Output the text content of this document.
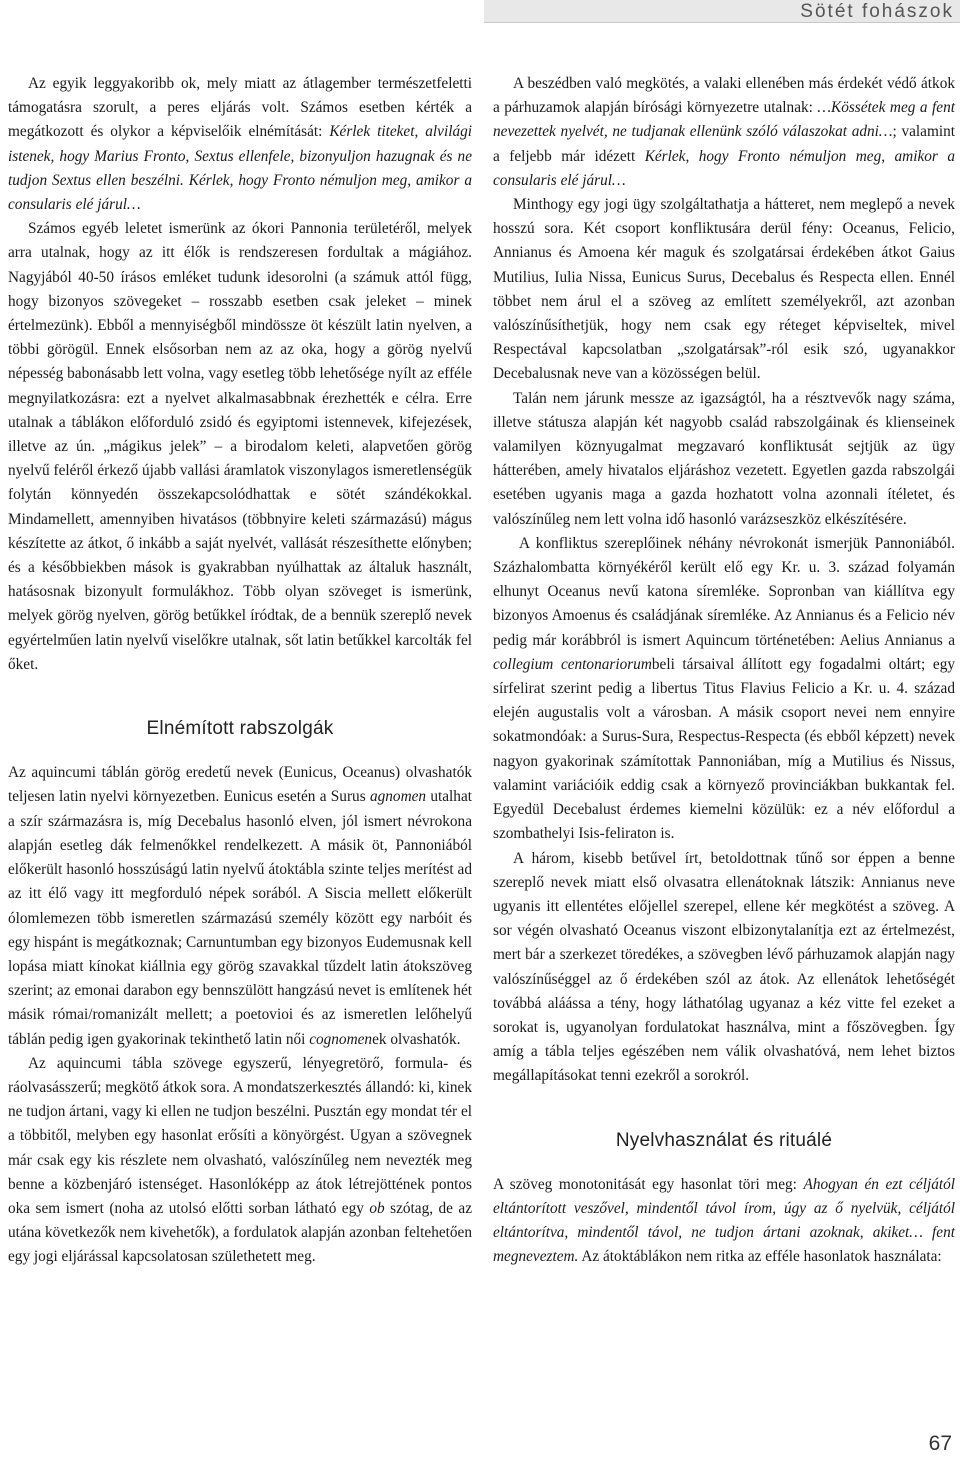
Sötét fohászok

Az egyik leggyakoribb ok, mely miatt az átlagember természetfeletti támogatásra szorult, a peres eljárás volt. Számos esetben kérték a megátkozott és olykor a képviselőik elnémítását: Kérlek titeket, alvilági istenek, hogy Marius Fronto, Sextus ellenfele, bizonyuljon hazugnak és ne tudjon Sextus ellen beszélni. Kérlek, hogy Fronto némuljon meg, amikor a consularis elé járul…

Számos egyéb leletet ismerünk az ókori Pannonia területéről, melyek arra utalnak, hogy az itt élők is rendszeresen fordultak a mágiához. Nagyjából 40-50 írásos emléket tudunk idesorolni (a számuk attól függ, hogy bizonyos szövegeket – rosszabb esetben csak jeleket – minek értelmezünk). Ebből a mennyiségből mindössze öt készült latin nyelven, a többi görögül. Ennek elsősorban nem az az oka, hogy a görög nyelvű népesség babonásabb lett volna, vagy esetleg több lehetősége nyílt az efféle megnyilatkozásra: ezt a nyelvet alkalmasabbnak érezhették e célra. Erre utalnak a táblákon előforduló zsidó és egyiptomi istennevek, kifejezések, illetve az ún. „mágikus jelek” – a birodalom keleti, alapvetően görög nyelvű feléről érkező újabb vallási áramlatok viszonylagos ismeretlenségük folytán könnyedén összekapcsolódhattak e sötét szándékokkal. Mindamellett, amennyiben hivatásos (többnyire keleti származású) mágus készítette az átkot, ő inkább a saját nyelvét, vallását részesíthette előnyben; és a későbbiekben mások is gyakrabban nyúlhattak az általuk használt, hatásosnak bizonyult formulákhoz. Több olyan szöveget is ismerünk, melyek görög nyelven, görög betűkkel íródtak, de a bennük szereplő nevek egyértelműen latin nyelvű viselőkre utalnak, sőt latin betűkkel karcolták fel őket.

Elnémított rabszolgák

Az aquincumi táblán görög eredetű nevek (Eunicus, Oceanus) olvashatók teljesen latin nyelvi környezetben. Eunicus esetén a Surus agnomen utalhat a szír származásra is, míg Decebalus hasonló elven, jól ismert névrokona alapján esetleg dák felmenőkkel rendelkezett. A másik öt, Pannoniából előkerült hasonló hosszúságú latin nyelvű átoktábla szinte teljes merítést ad az itt élő vagy itt megforduló népek sorából. A Siscia mellett előkerült ólomlemezen több ismeretlen származású személy között egy narbóit és egy hispánt is megátkoznak; Carnuntumban egy bizonyos Eudemusnak kell lopása miatt kínokat kiállnia egy görög szavakkal tűzdelt latin átokszöveg szerint; az emonai darabon egy bennszülött hangzású nevet is említenek hét másik római/romanizált mellett; a poetovioi és az ismeretlen lelőhelyű táblán pedig igen gyakorinak tekinthető latin női cognomenek olvashatók.

Az aquincumi tábla szövege egyszerű, lényegretörő, formula- és ráolvasásszerű; megkötő átkok sora. A mondatszerkesztés állandó: ki, kinek ne tudjon ártani, vagy ki ellen ne tudjon beszélni. Pusztán egy mondat tér el a többitől, melyben egy hasonlat erősíti a könyörgést. Ugyan a szövegnek már csak egy kis részlete nem olvasható, valószínűleg nem nevezték meg benne a közbenjáró istenséget. Hasonlóképp az átok létrejöttének pontos oka sem ismert (noha az utolsó előtti sorban látható egy ob szótag, de az utána következők nem kivehetők), a fordulatok alapján azonban feltehetően egy jogi eljárással kapcsolatosan születhetett meg.

A beszédben való megkötés, a valaki ellenében más érdekét védő átkok a párhuzamok alapján bírósági környezetre utalnak: …Kössétek meg a fent nevezettek nyelvét, ne tudjanak ellenünk szóló válaszokat adni…; valamint a feljebb már idézett Kérlek, hogy Fronto némuljon meg, amikor a consularis elé járul…

Minthogy egy jogi ügy szolgáltathatja a hátteret, nem meglepő a nevek hosszú sora. Két csoport konfliktusára derül fény: Oceanus, Felicio, Annianus és Amoena kér maguk és szolgatársai érdekében átkot Gaius Mutilius, Iulia Nissa, Eunicus Surus, Decebalus és Respecta ellen. Ennél többet nem árul el a szöveg az említett személyekről, azt azonban valószínűsíthetjük, hogy nem csak egy réteget képviseltek, mivel Respectával kapcsolatban „szolgatársak”-ról esik szó, ugyanakkor Decebalusnak neve van a közösségen belül.

Talán nem járunk messze az igazságtól, ha a résztvevők nagy száma, illetve státusza alapján két nagyobb család rabszolgáinak és klienseinek valamilyen köznyugalmat megzavaró konfliktusát sejtjük az ügy hátterében, amely hivatalos eljáráshoz vezetett. Egyetlen gazda rabszolgái esetében ugyanis maga a gazda hozhatott volna azonnali ítéletet, és valószínűleg nem lett volna idő hasonló varázseszköz elkészítésére.

A konfliktus szereplőinek néhány névrokonát ismerjük Pannoniából. Százhalombatta környékéről került elő egy Kr. u. 3. század folyamán elhunyt Oceanus nevű katona síremléke. Sopronban van kiállítva egy bizonyos Amoenus és családjának síremléke. Az Annianus és a Felicio név pedig már korábbról is ismert Aquincum történetében: Aelius Annianus a collegium centonariorumbeli társaival állított egy fogadalmi oltárt; egy sírfelirat szerint pedig a libertus Titus Flavius Felicio a Kr. u. 4. század elején augustalis volt a városban. A másik csoport nevei nem ennyire sokatmondóak: a Surus-Sura, Respectus-Respecta (és ebből képzett) nevek nagyon gyakorinak számítottak Pannoniában, míg a Mutilius és Nissus, valamint variációik eddig csak a környező provinciákban bukkantak fel. Egyedül Decebalust érdemes kiemelni közülük: ez a név előfordul a szombathelyi Isis-feliraton is.

A három, kisebb betűvel írt, betoldottnak tűnő sor éppen a benne szereplő nevek miatt első olvasatra ellenátoknak látszik: Annianus neve ugyanis itt ellentétes előjellel szerepel, ellene kér megkötést a szöveg. A sor végén olvasható Oceanus viszont elbizonytalanítja ezt az értelmezést, mert bár a szerkezet töredékes, a szövegben lévő párhuzamok alapján nagy valószínűséggel az ő érdekében szól az átok. Az ellenátok lehetőségét továbbá aláássa a tény, hogy láthatólag ugyanaz a kéz vitte fel ezeket a sorokat is, ugyanolyan fordulatokat használva, mint a főszövegben. Így amíg a tábla teljes egészében nem válik olvashatóvá, nem lehet biztos megállapításokat tenni ezekről a sorokról.

Nyelvhasználat és rituálé

A szöveg monotonitását egy hasonlat töri meg: Ahogyan én ezt céljától eltántorított veszővel, mindentől távol írom, úgy az ő nyelvük, céljától eltántorítva, mindentől távol, ne tudjon ártani azoknak, akiket… fent megneveztem. Az átoktáblákon nem ritka az efféle hasonlatok használata:

67
